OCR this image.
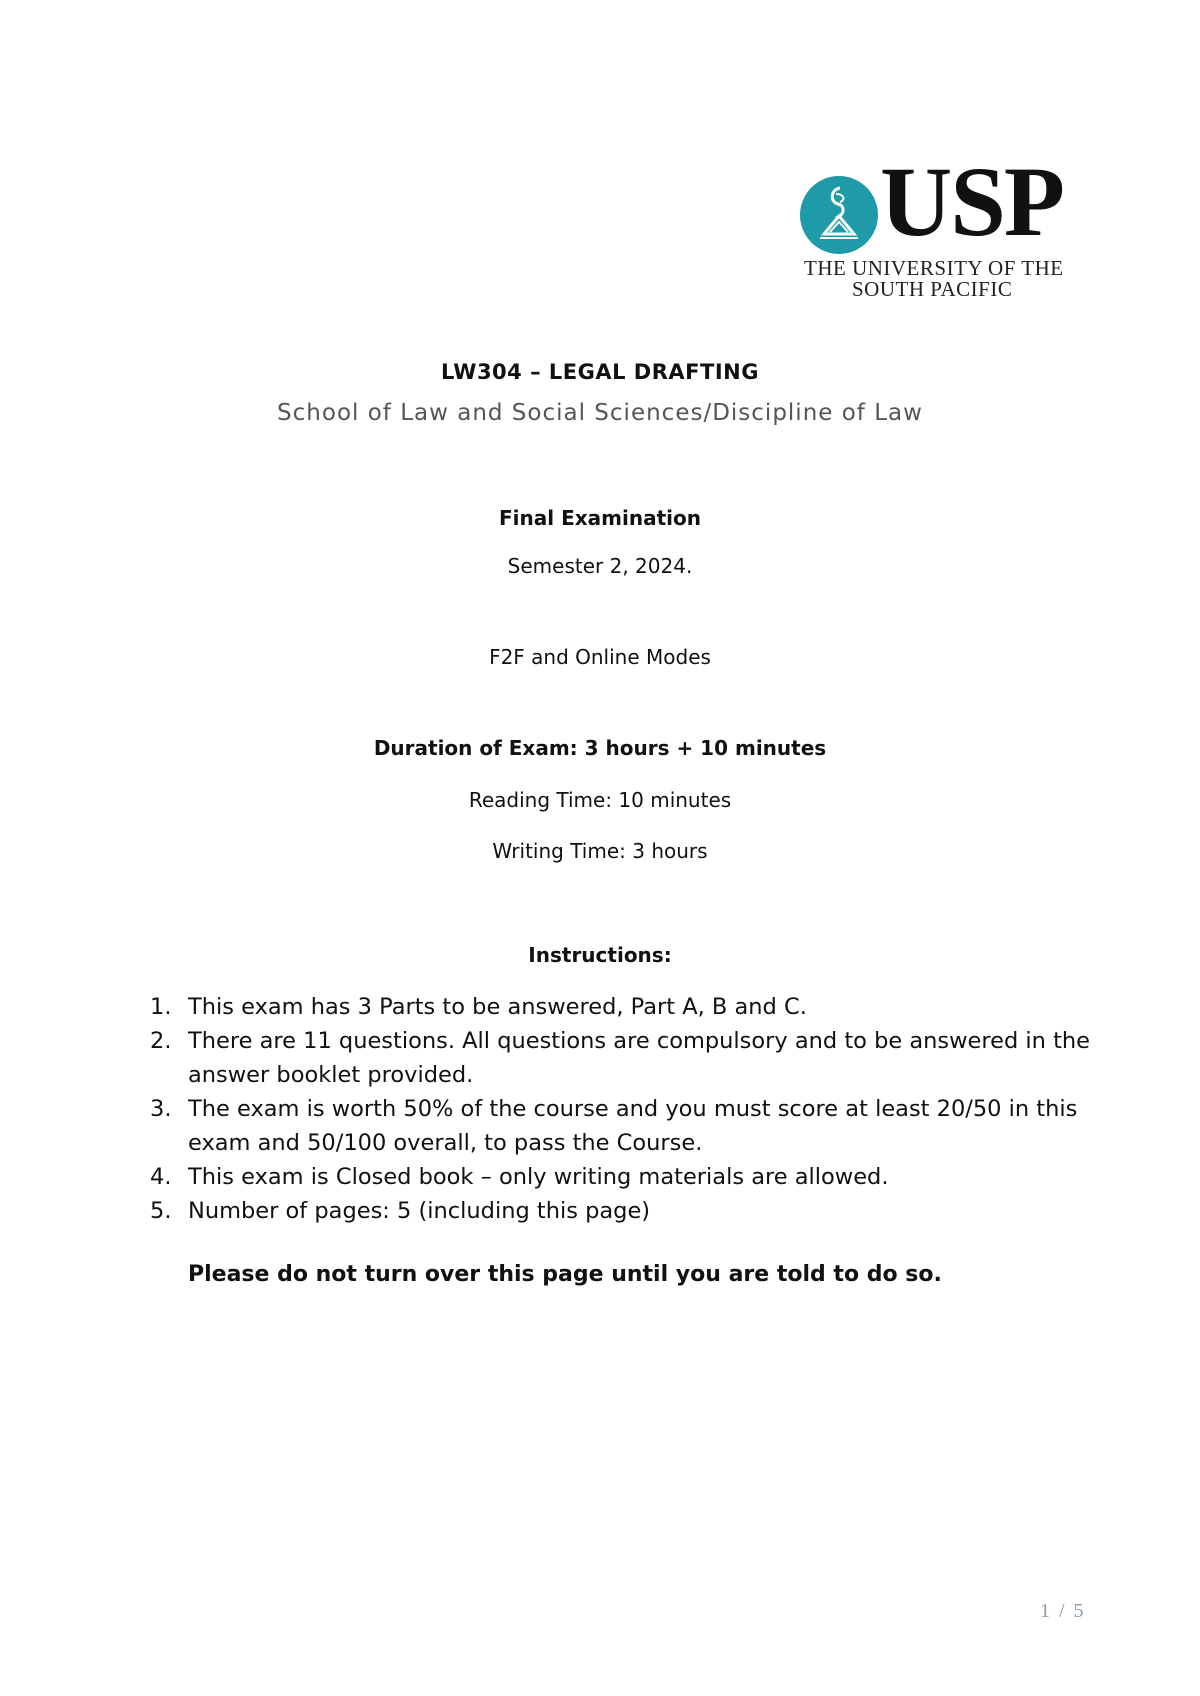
USP
THE UNIVERSITY OF THE
SOUTH PACIFIC
LW304 – LEGAL DRAFTING
School of Law and Social Sciences/Discipline of Law
Final Examination
Semester 2, 2024.
F2F and Online Modes
Duration of Exam: 3 hours + 10 minutes
Reading Time: 10 minutes
Writing Time: 3 hours
Instructions:
1. This exam has 3 Parts to be answered, Part A, B and C.
2. There are 11 questions. All questions are compulsory and to be answered in the answer booklet provided.
3. The exam is worth 50% of the course and you must score at least 20/50 in this exam and 50/100 overall, to pass the Course.
4. This exam is Closed book – only writing materials are allowed.
5. Number of pages: 5 (including this page)
Please do not turn over this page until you are told to do so.
1 / 5
